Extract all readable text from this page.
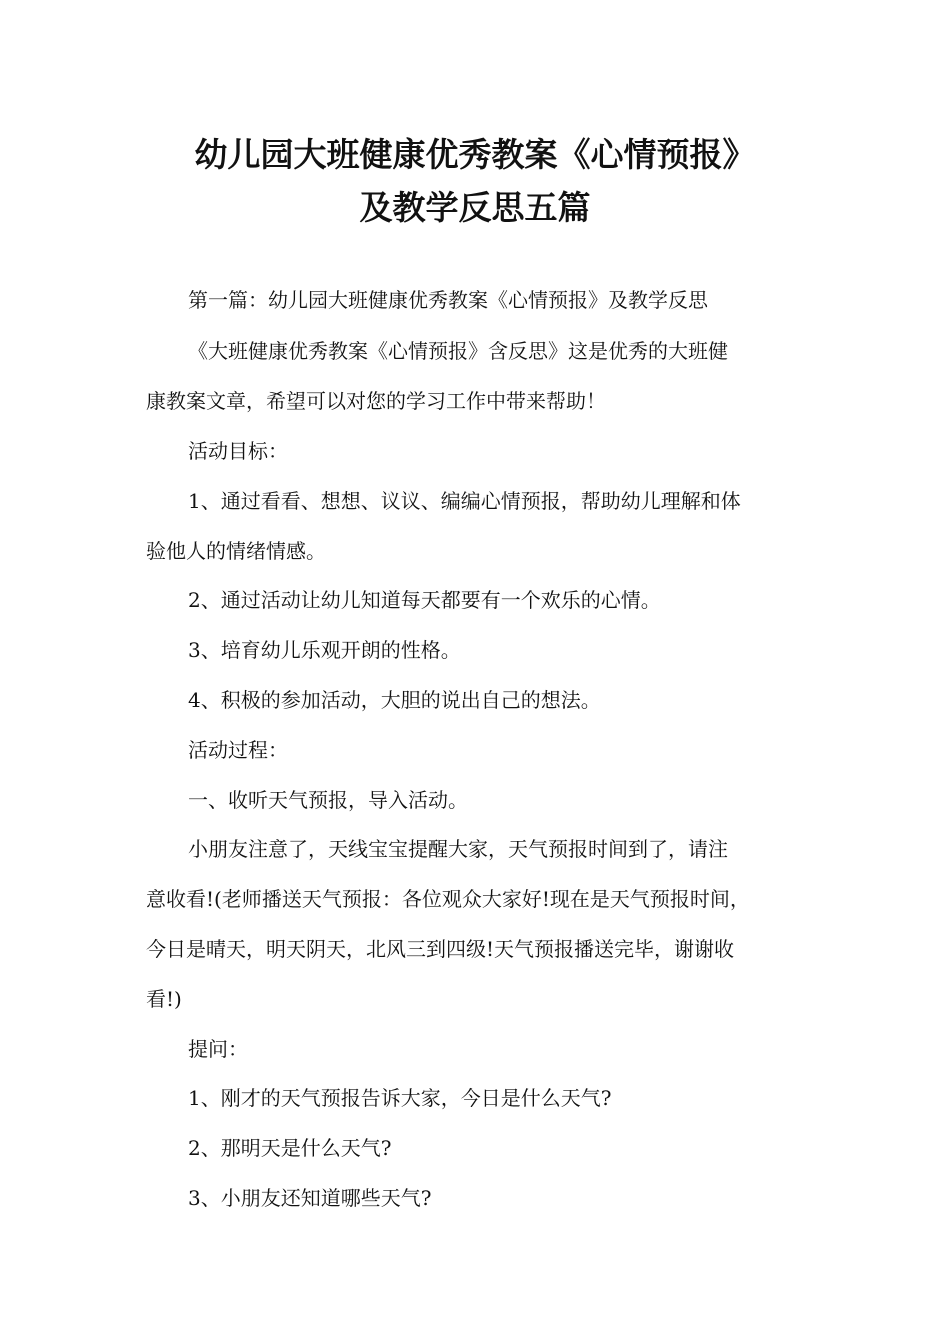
幼儿园大班健康优秀教案《心情预报》
及教学反思五篇
第一篇：幼儿园大班健康优秀教案《心情预报》及教学反思
《大班健康优秀教案《心情预报》含反思》这是优秀的大班健
康教案文章，希望可以对您的学习工作中带来帮助！
活动目标：
1、通过看看、想想、议议、编编心情预报，帮助幼儿理解和体
验他人的情绪情感。
2、通过活动让幼儿知道每天都要有一个欢乐的心情。
3、培育幼儿乐观开朗的性格。
4、积极的参加活动，大胆的说出自己的想法。
活动过程：
一、收听天气预报，导入活动。
小朋友注意了，天线宝宝提醒大家，天气预报时间到了，请注
意收看!(老师播送天气预报：各位观众大家好!现在是天气预报时间，
今日是晴天，明天阴天，北风三到四级!天气预报播送完毕，谢谢收
看!)
提问：
1、刚才的天气预报告诉大家，今日是什么天气?
2、那明天是什么天气?
3、小朋友还知道哪些天气?
